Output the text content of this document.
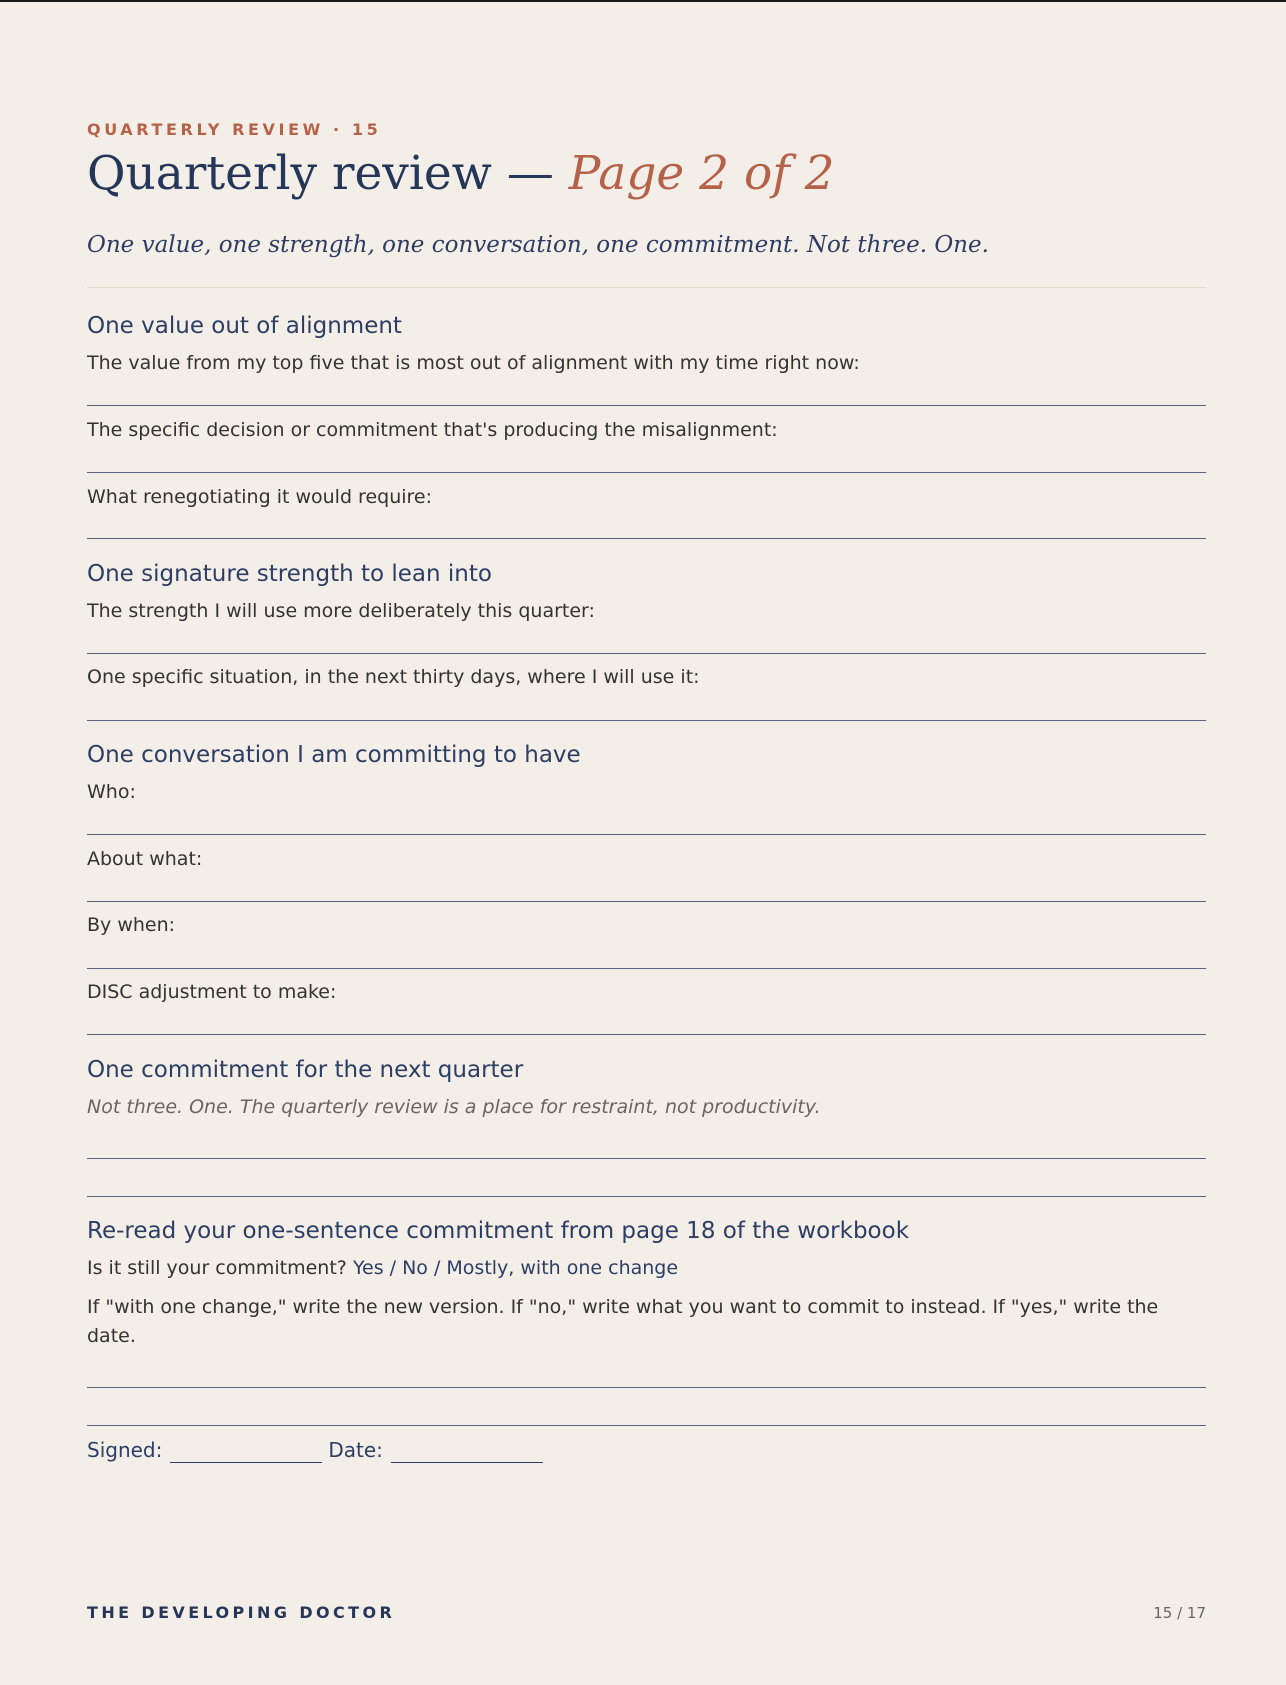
QUARTERLY REVIEW · 15
Quarterly review — Page 2 of 2

One value, one strength, one conversation, one commitment. Not three. One.

One value out of alignment

The value from my top five that is most out of alignment with my time right now:

The specific decision or commitment that's producing the misalignment:

What renegotiating it would require:

One signature strength to lean into

The strength I will use more deliberately this quarter:

One specific situation, in the next thirty days, where I will use it:

One conversation I am committing to have

Who:

About what:

By when:

DISC adjustment to make:

One commitment for the next quarter

Not three. One. The quarterly review is a place for restraint, not productivity.

Re-read your one-sentence commitment from page 18 of the workbook

Is it still your commitment? Yes / No / Mostly, with one change

If "with one change," write the new version. If "no," write what you want to commit to instead. If "yes," write the date.

Signed:	Date:
THE DEVELOPING DOCTOR	15 / 17
